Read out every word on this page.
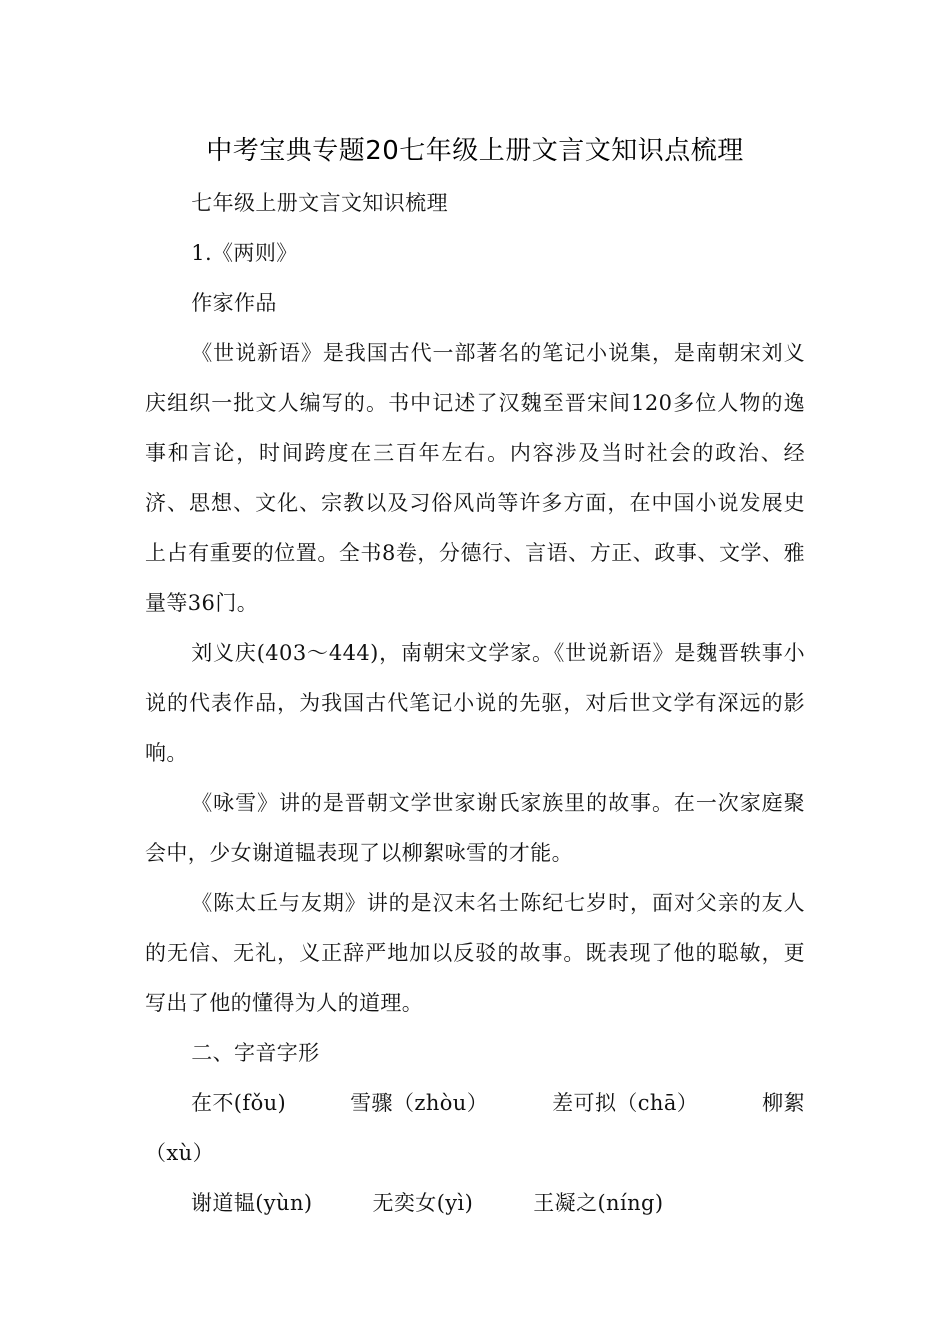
中考宝典专题20七年级上册文言文知识点梳理

七年级上册文言文知识梳理

1.《两则》

作家作品

《世说新语》是我国古代一部著名的笔记小说集，是南朝宋刘义庆组织一批文人编写的。书中记述了汉魏至晋宋间120多位人物的逸事和言论，时间跨度在三百年左右。内容涉及当时社会的政治、经济、思想、文化、宗教以及习俗风尚等许多方面，在中国小说发展史上占有重要的位置。全书8卷，分德行、言语、方正、政事、文学、雅量等36门。

刘义庆(403～444)，南朝宋文学家。《世说新语》是魏晋轶事小说的代表作品，为我国古代笔记小说的先驱，对后世文学有深远的影响。

《咏雪》讲的是晋朝文学世家谢氏家族里的故事。在一次家庭聚会中，少女谢道韫表现了以柳絮咏雪的才能。

《陈太丘与友期》讲的是汉末名士陈纪七岁时，面对父亲的友人的无信、无礼，义正辞严地加以反驳的故事。既表现了他的聪敏，更写出了他的懂得为人的道理。

二、字音字形

在不(fǒu)	雪骤（zhòu）	差可拟（chā）	柳絮
（xù）
谢道韫(yùn)	无奕女(yì)	王凝之(níng)
